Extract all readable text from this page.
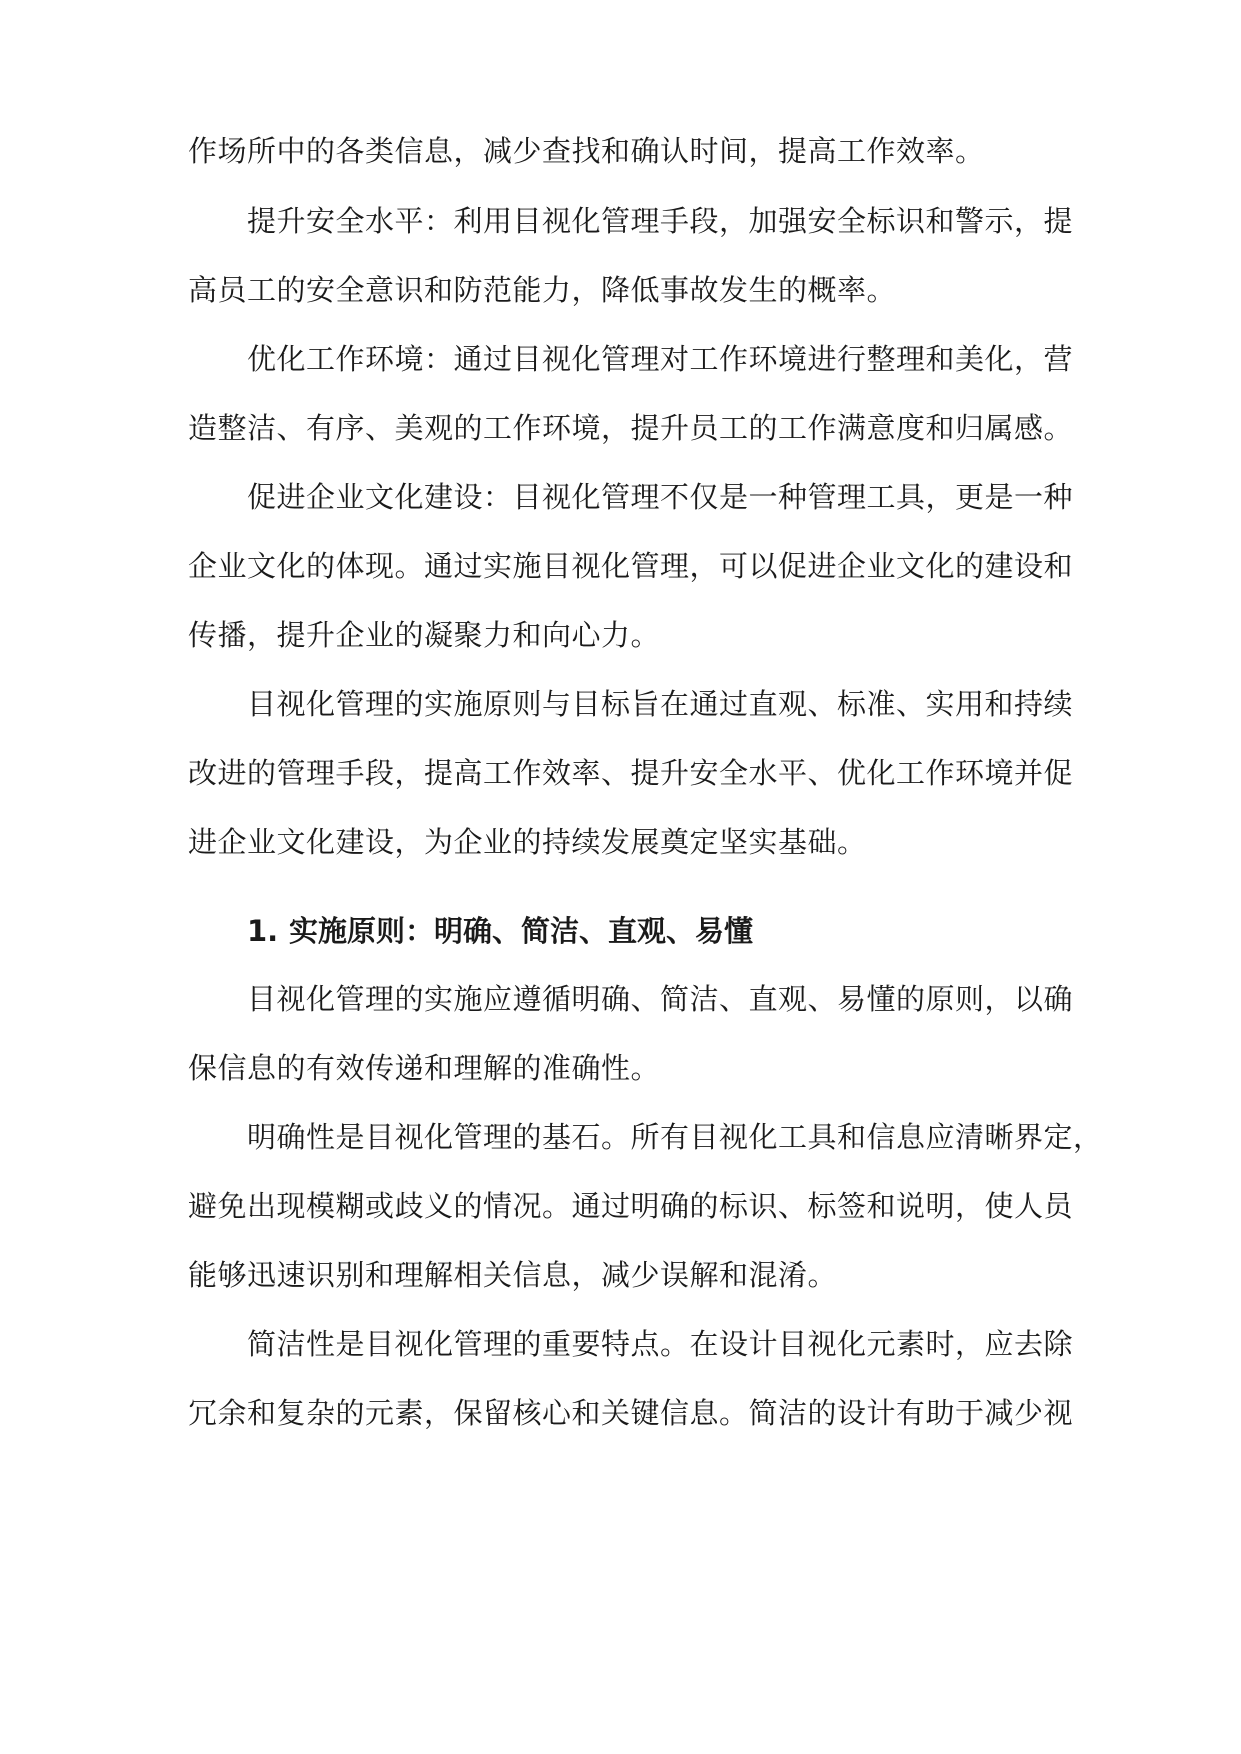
作场所中的各类信息，减少查找和确认时间，提高工作效率。
提升安全水平：利用目视化管理手段，加强安全标识和警示，提
高员工的安全意识和防范能力，降低事故发生的概率。
优化工作环境：通过目视化管理对工作环境进行整理和美化，营
造整洁、有序、美观的工作环境，提升员工的工作满意度和归属感。
促进企业文化建设：目视化管理不仅是一种管理工具，更是一种
企业文化的体现。通过实施目视化管理，可以促进企业文化的建设和
传播，提升企业的凝聚力和向心力。
目视化管理的实施原则与目标旨在通过直观、标准、实用和持续
改进的管理手段，提高工作效率、提升安全水平、优化工作环境并促
进企业文化建设，为企业的持续发展奠定坚实基础。
1. 实施原则：明确、简洁、直观、易懂
目视化管理的实施应遵循明确、简洁、直观、易懂的原则，以确
保信息的有效传递和理解的准确性。
明确性是目视化管理的基石。所有目视化工具和信息应清晰界定，
避免出现模糊或歧义的情况。通过明确的标识、标签和说明，使人员
能够迅速识别和理解相关信息，减少误解和混淆。
简洁性是目视化管理的重要特点。在设计目视化元素时，应去除
冗余和复杂的元素，保留核心和关键信息。简洁的设计有助于减少视
